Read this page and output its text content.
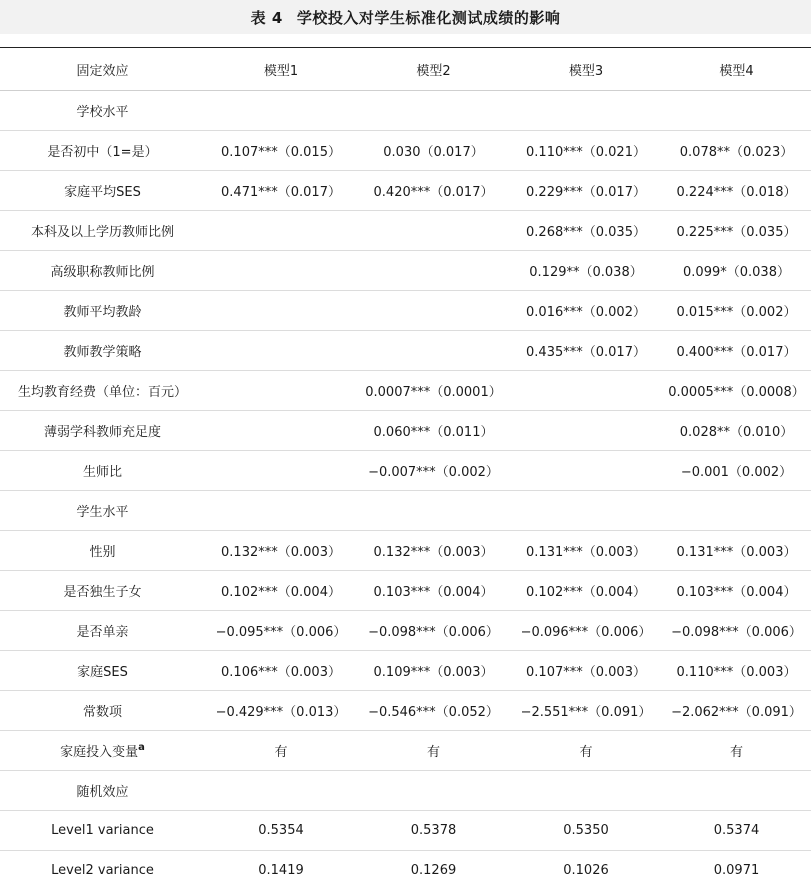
表 4 学校投入对学生标准化测试成绩的影响
固定效应	模型1	模型2	模型3	模型4
学校水平				
是否初中（1=是）	0.107***（0.015）	0.030（0.017）	0.110***（0.021）	0.078**（0.023）
家庭平均SES	0.471***（0.017）	0.420***（0.017）	0.229***（0.017）	0.224***（0.018）
本科及以上学历教师比例			0.268***（0.035）	0.225***（0.035）
高级职称教师比例			0.129**（0.038）	0.099*（0.038）
教师平均教龄			0.016***（0.002）	0.015***（0.002）
教师教学策略			0.435***（0.017）	0.400***（0.017）
生均教育经费（单位：百元）		0.0007***（0.0001）		0.0005***（0.0008）
薄弱学科教师充足度		0.060***（0.011）		0.028**（0.010）
生师比		−0.007***（0.002）		−0.001（0.002）
学生水平				
性别	0.132***（0.003）	0.132***（0.003）	0.131***（0.003）	0.131***（0.003）
是否独生子女	0.102***（0.004）	0.103***（0.004）	0.102***（0.004）	0.103***（0.004）
是否单亲	−0.095***（0.006）	−0.098***（0.006）	−0.096***（0.006）	−0.098***（0.006）
家庭SES	0.106***（0.003）	0.109***（0.003）	0.107***（0.003）	0.110***（0.003）
常数项	−0.429***（0.013）	−0.546***（0.052）	−2.551***（0.091）	−2.062***（0.091）
家庭投入变量$^a$	有	有	有	有
随机效应				
Level1 variance	0.5354	0.5378	0.5350	0.5374
Level2 variance	0.1419	0.1269	0.1026	0.0971
